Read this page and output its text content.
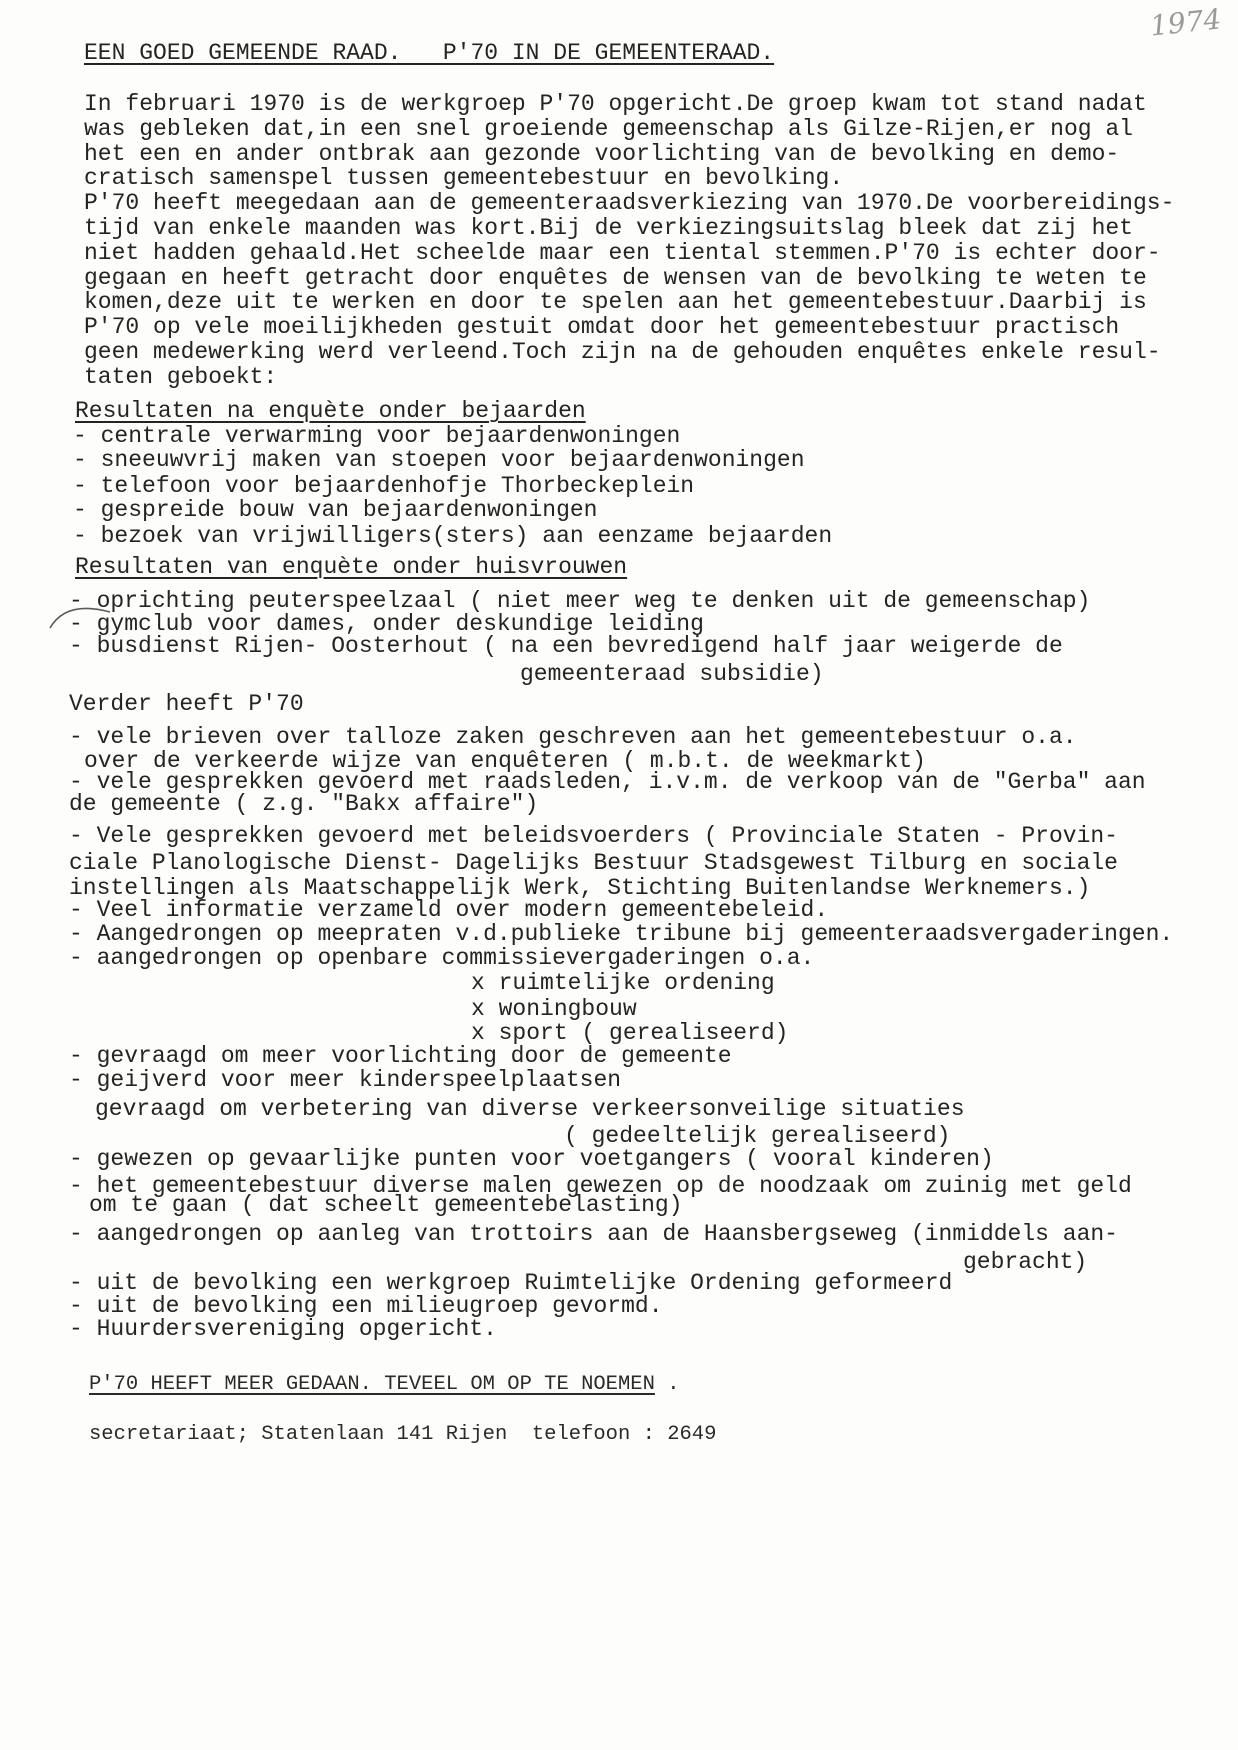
1974
EEN GOED GEMEENDE RAAD.   P'70 IN DE GEMEENTERAAD.
In februari 1970 is de werkgroep P'70 opgericht.De groep kwam tot stand nadat
was gebleken dat,in een snel groeiende gemeenschap als Gilze-Rijen,er nog al
het een en ander ontbrak aan gezonde voorlichting van de bevolking en demo-
cratisch samenspel tussen gemeentebestuur en bevolking.
P'70 heeft meegedaan aan de gemeenteraadsverkiezing van 1970.De voorbereidings-
tijd van enkele maanden was kort.Bij de verkiezingsuitslag bleek dat zij het
niet hadden gehaald.Het scheelde maar een tiental stemmen.P'70 is echter door-
gegaan en heeft getracht door enquêtes de wensen van de bevolking te weten te
komen,deze uit te werken en door te spelen aan het gemeentebestuur.Daarbij is
P'70 op vele moeilijkheden gestuit omdat door het gemeentebestuur practisch
geen medewerking werd verleend.Toch zijn na de gehouden enquêtes enkele resul-
taten geboekt:
Resultaten na enquète onder bejaarden
- centrale verwarming voor bejaardenwoningen
- sneeuwvrij maken van stoepen voor bejaardenwoningen
- telefoon voor bejaardenhofje Thorbeckeplein
- gespreide bouw van bejaardenwoningen
- bezoek van vrijwilligers(sters) aan eenzame bejaarden
Resultaten van enquète onder huisvrouwen
- oprichting peuterspeelzaal ( niet meer weg te denken uit de gemeenschap)
- gymclub voor dames, onder deskundige leiding
- busdienst Rijen- Oosterhout ( na een bevredigend half jaar weigerde de
gemeenteraad subsidie)
Verder heeft P'70
- vele brieven over talloze zaken geschreven aan het gemeentebestuur o.a.
over de verkeerde wijze van enquêteren ( m.b.t. de weekmarkt)
- vele gesprekken gevoerd met raadsleden, i.v.m. de verkoop van de "Gerba" aan
de gemeente ( z.g. "Bakx affaire")
- Vele gesprekken gevoerd met beleidsvoerders ( Provinciale Staten - Provin-
ciale Planologische Dienst- Dagelijks Bestuur Stadsgewest Tilburg en sociale
instellingen als Maatschappelijk Werk, Stichting Buitenlandse Werknemers.)
- Veel informatie verzameld over modern gemeentebeleid.
- Aangedrongen op meepraten v.d.publieke tribune bij gemeenteraadsvergaderingen.
- aangedrongen op openbare commissievergaderingen o.a.
x ruimtelijke ordening
x woningbouw
x sport ( gerealiseerd)
- gevraagd om meer voorlichting door de gemeente
- geijverd voor meer kinderspeelplaatsen
gevraagd om verbetering van diverse verkeersonveilige situaties
( gedeeltelijk gerealiseerd)
- gewezen op gevaarlijke punten voor voetgangers ( vooral kinderen)
- het gemeentebestuur diverse malen gewezen op de noodzaak om zuinig met geld
om te gaan ( dat scheelt gemeentebelasting)
- aangedrongen op aanleg van trottoirs aan de Haansbergseweg (inmiddels aan-
gebracht)
- uit de bevolking een werkgroep Ruimtelijke Ordening geformeerd
- uit de bevolking een milieugroep gevormd.
- Huurdersvereniging opgericht.
P'70 HEEFT MEER GEDAAN. TEVEEL OM OP TE NOEMEN .
secretariaat; Statenlaan 141 Rijen  telefoon : 2649
